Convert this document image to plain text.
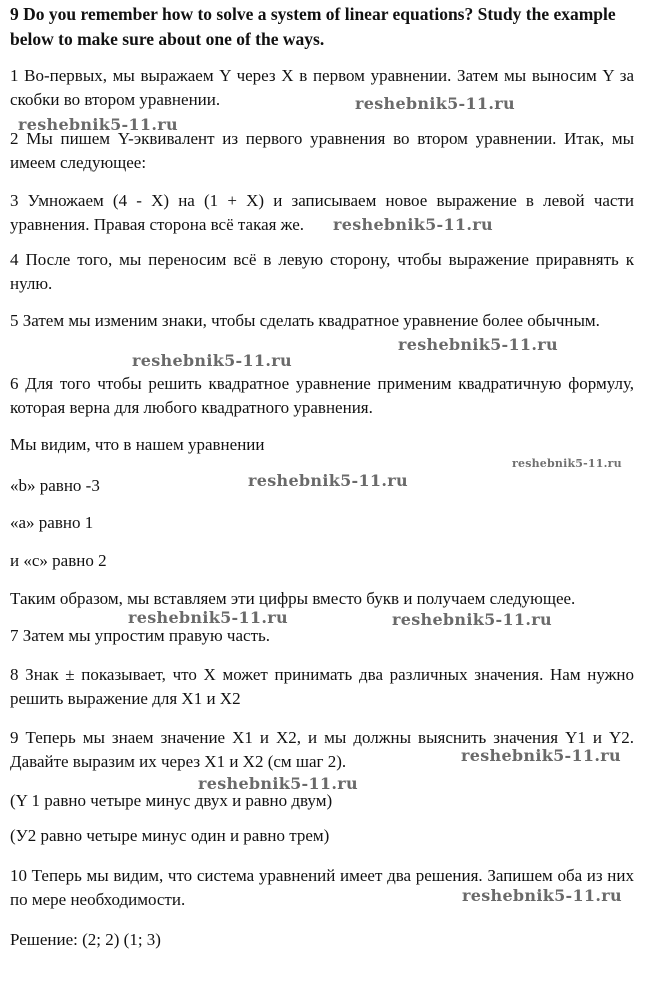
9 Do you remember how to solve a system of linear equations? Study the example below to make sure about one of the ways.

1 Во-первых, мы выражаем Y через X в первом уравнении. Затем мы выносим Y за скобки во втором уравнении.

2 Мы пишем Y-эквивалент из первого уравнения во втором уравнении. Итак, мы имеем следующее:

3 Умножаем (4 - X) на (1 + X) и записываем новое выражение в левой части уравнения. Правая сторона всё такая же.

4 После того, мы переносим всё в левую сторону, чтобы выражение приравнять к нулю.

5 Затем мы изменим знаки, чтобы сделать квадратное уравнение более обычным.

6 Для того чтобы решить квадратное уравнение применим квадратичную формулу, которая верна для любого квадратного уравнения.

Мы видим, что в нашем уравнении

«b» равно -3

«а» равно 1

и «с» равно 2

Таким образом, мы вставляем эти цифры вместо букв и получаем следующее.

7 Затем мы упростим правую часть.

8 Знак ± показывает, что X может принимать два различных значения. Нам нужно решить выражение для X1 и X2

9 Теперь мы знаем значение X1 и X2, и мы должны выяснить значения Y1 и Y2. Давайте выразим их через X1 и X2 (см шаг 2).

(Y 1 равно четыре минус двух и равно двум)

(У2 равно четыре минус один и равно трем)

10 Теперь мы видим, что система уравнений имеет два решения. Запишем оба из них по мере необходимости.

Решение: (2; 2) (1; 3)

reshebnik5-11.ru
reshebnik5-11.ru
reshebnik5-11.ru
reshebnik5-11.ru
reshebnik5-11.ru
reshebnik5-11.ru
reshebnik5-11.ru
reshebnik5-11.ru	reshebnik5-11.ru
reshebnik5-11.ru
reshebnik5-11.ru
reshebnik5-11.ru
